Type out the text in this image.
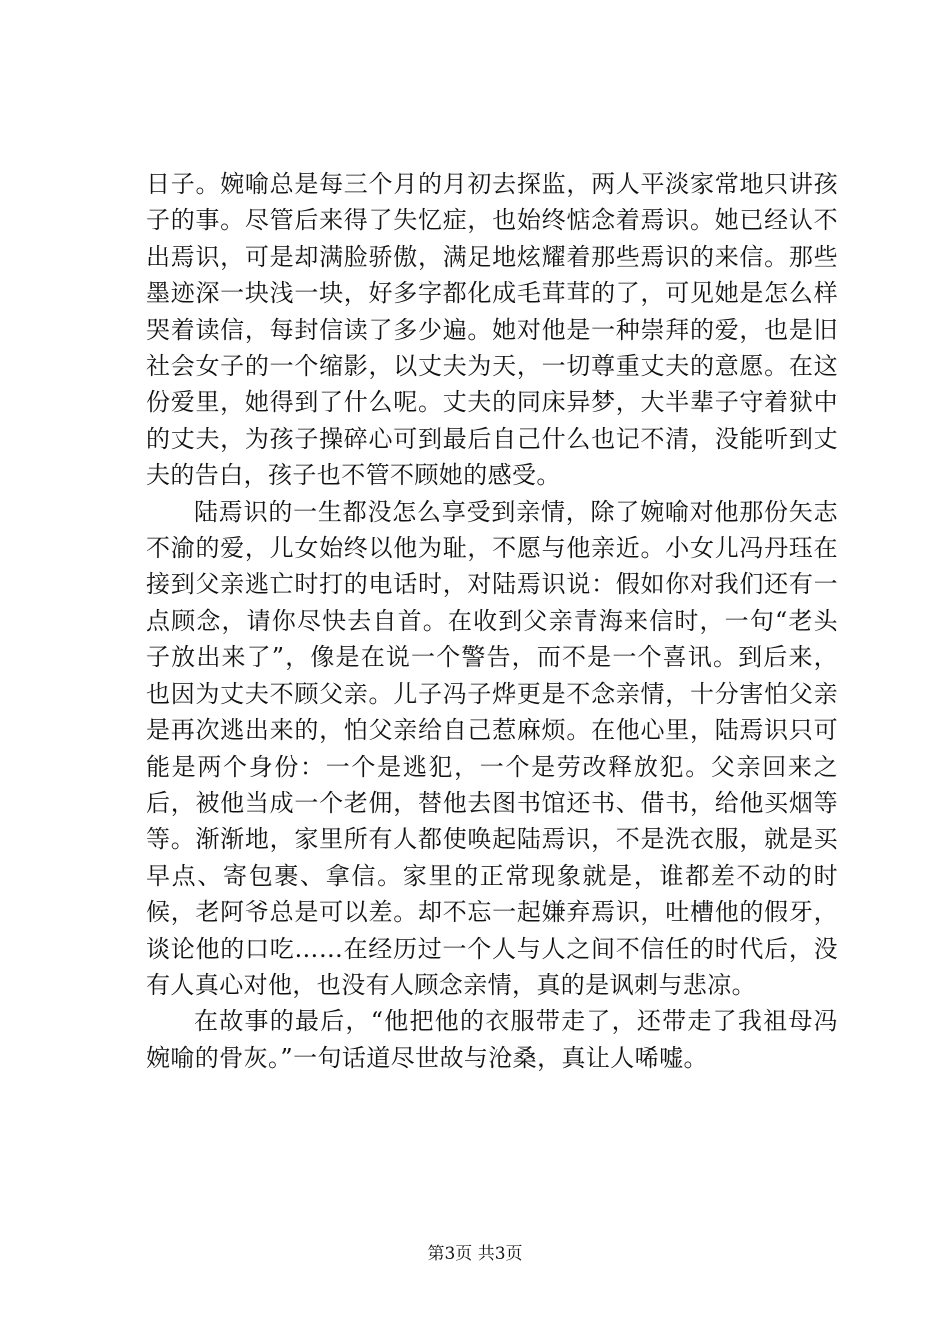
日子。婉喻总是每三个月的月初去探监，两人平淡家常地只讲孩子的事。尽管后来得了失忆症，也始终惦念着焉识。她已经认不出焉识，可是却满脸骄傲，满足地炫耀着那些焉识的来信。那些墨迹深一块浅一块，好多字都化成毛茸茸的了，可见她是怎么样哭着读信，每封信读了多少遍。她对他是一种崇拜的爱，也是旧社会女子的一个缩影，以丈夫为天，一切尊重丈夫的意愿。在这份爱里，她得到了什么呢。丈夫的同床异梦，大半辈子守着狱中的丈夫，为孩子操碎心可到最后自己什么也记不清，没能听到丈夫的告白，孩子也不管不顾她的感受。

陆焉识的一生都没怎么享受到亲情，除了婉喻对他那份矢志不渝的爱，儿女始终以他为耻，不愿与他亲近。小女儿冯丹珏在接到父亲逃亡时打的电话时，对陆焉识说：假如你对我们还有一点顾念，请你尽快去自首。在收到父亲青海来信时，一句“老头子放出来了”，像是在说一个警告，而不是一个喜讯。到后来，也因为丈夫不顾父亲。儿子冯子烨更是不念亲情，十分害怕父亲是再次逃出来的，怕父亲给自己惹麻烦。在他心里，陆焉识只可能是两个身份：一个是逃犯，一个是劳改释放犯。父亲回来之后，被他当成一个老佣，替他去图书馆还书、借书，给他买烟等等。渐渐地，家里所有人都使唤起陆焉识，不是洗衣服，就是买早点、寄包裹、拿信。家里的正常现象就是，谁都差不动的时候，老阿爷总是可以差。却不忘一起嫌弃焉识，吐槽他的假牙，谈论他的口吃……在经历过一个人与人之间不信任的时代后，没有人真心对他，也没有人顾念亲情，真的是讽刺与悲凉。

在故事的最后，“他把他的衣服带走了，还带走了我祖母冯婉喻的骨灰。”一句话道尽世故与沧桑，真让人唏嘘。

第3页 共3页
